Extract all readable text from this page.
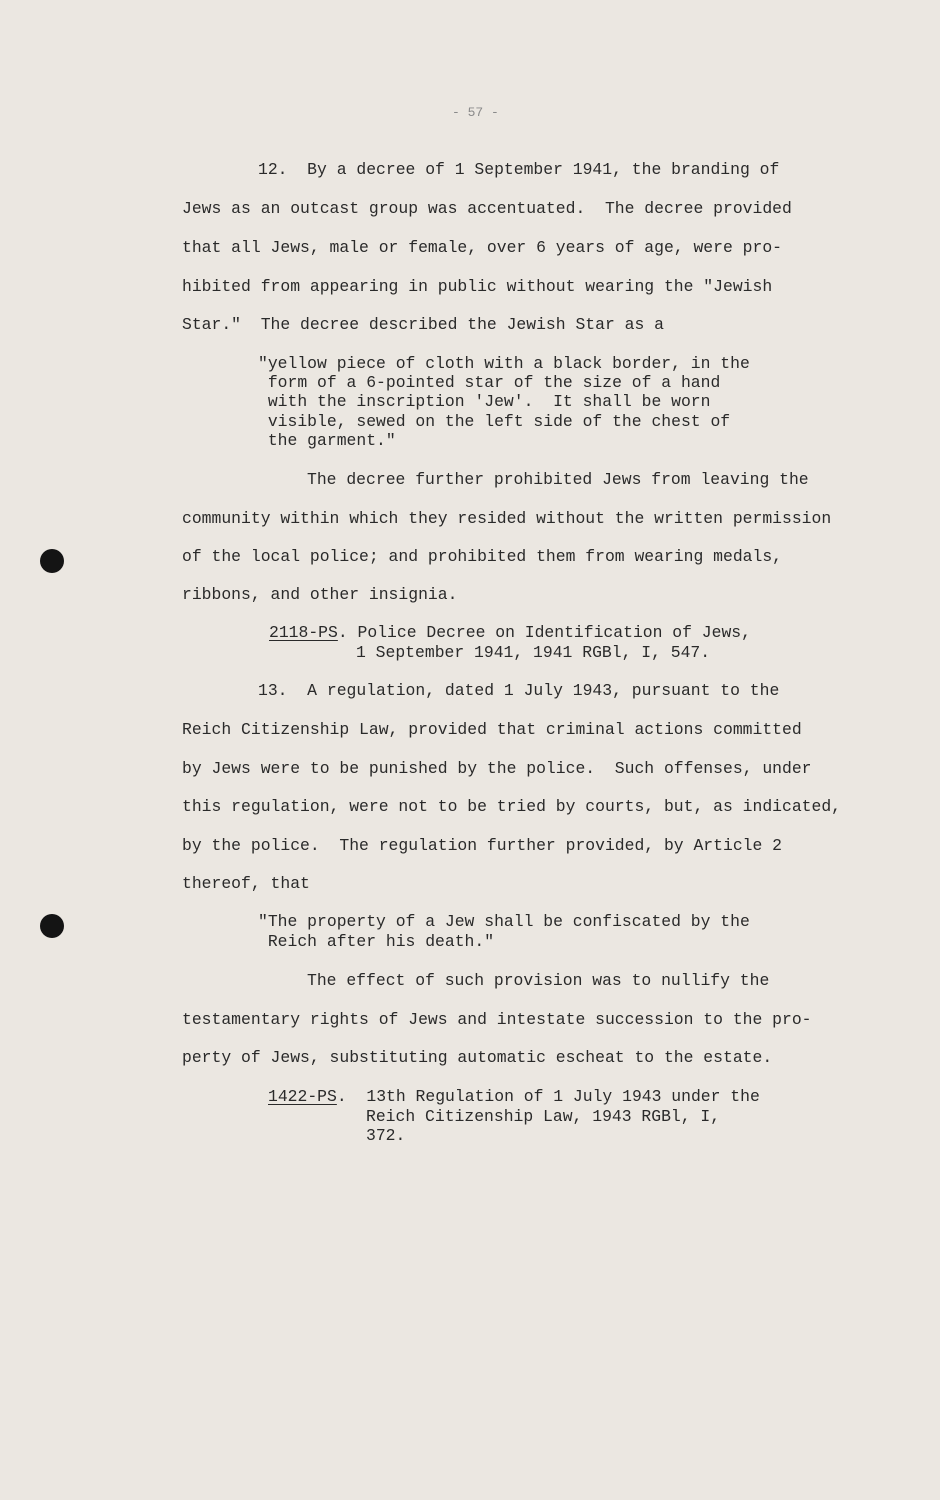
- 57 -
12.  By a decree of 1 September 1941, the branding of
Jews as an outcast group was accentuated.  The decree provided
that all Jews, male or female, over 6 years of age, were pro-
hibited from appearing in public without wearing the "Jewish
Star."  The decree described the Jewish Star as a
"yellow piece of cloth with a black border, in the
form of a 6-pointed star of the size of a hand
with the inscription 'Jew'.  It shall be worn
visible, sewed on the left side of the chest of
the garment."
The decree further prohibited Jews from leaving the
community within which they resided without the written permission
of the local police; and prohibited them from wearing medals,
ribbons, and other insignia.
2118-PS. Police Decree on Identification of Jews,
1 September 1941, 1941 RGBl, I, 547.
13.  A regulation, dated 1 July 1943, pursuant to the
Reich Citizenship Law, provided that criminal actions committed
by Jews were to be punished by the police.  Such offenses, under
this regulation, were not to be tried by courts, but, as indicated,
by the police.  The regulation further provided, by Article 2
thereof, that
"The property of a Jew shall be confiscated by the
Reich after his death."
The effect of such provision was to nullify the
testamentary rights of Jews and intestate succession to the pro-
perty of Jews, substituting automatic escheat to the estate.
1422-PS.  13th Regulation of 1 July 1943 under the
Reich Citizenship Law, 1943 RGBl, I,
372.
